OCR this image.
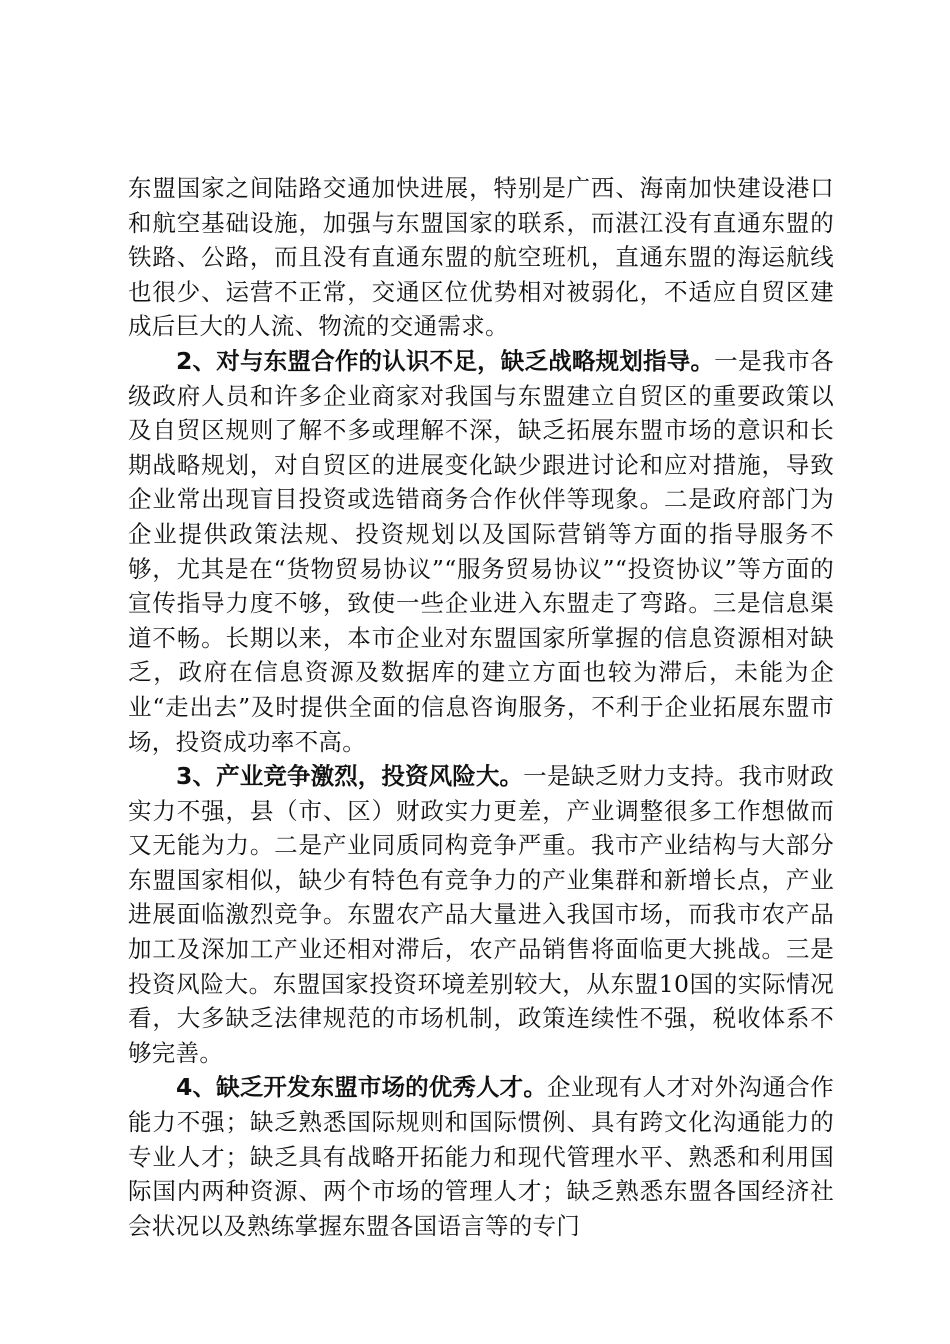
东盟国家之间陆路交通加快进展，特别是广西、海南加快建设港口和航空基础设施，加强与东盟国家的联系，而湛江没有直通东盟的铁路、公路，而且没有直通东盟的航空班机，直通东盟的海运航线也很少、运营不正常，交通区位优势相对被弱化，不适应自贸区建成后巨大的人流、物流的交通需求。

2、对与东盟合作的认识不足，缺乏战略规划指导。一是我市各级政府人员和许多企业商家对我国与东盟建立自贸区的重要政策以及自贸区规则了解不多或理解不深，缺乏拓展东盟市场的意识和长期战略规划，对自贸区的进展变化缺少跟进讨论和应对措施，导致企业常出现盲目投资或选错商务合作伙伴等现象。二是政府部门为企业提供政策法规、投资规划以及国际营销等方面的指导服务不够，尤其是在“货物贸易协议”“服务贸易协议”“投资协议”等方面的宣传指导力度不够，致使一些企业进入东盟走了弯路。三是信息渠道不畅。长期以来，本市企业对东盟国家所掌握的信息资源相对缺乏，政府在信息资源及数据库的建立方面也较为滞后，未能为企业“走出去”及时提供全面的信息咨询服务，不利于企业拓展东盟市场，投资成功率不高。

3、产业竞争激烈，投资风险大。一是缺乏财力支持。我市财政实力不强，县（市、区）财政实力更差，产业调整很多工作想做而又无能为力。二是产业同质同构竞争严重。我市产业结构与大部分东盟国家相似，缺少有特色有竞争力的产业集群和新增长点，产业进展面临激烈竞争。东盟农产品大量进入我国市场，而我市农产品加工及深加工产业还相对滞后，农产品销售将面临更大挑战。三是投资风险大。东盟国家投资环境差别较大，从东盟10国的实际情况看，大多缺乏法律规范的市场机制，政策连续性不强，税收体系不够完善。

4、缺乏开发东盟市场的优秀人才。企业现有人才对外沟通合作能力不强；缺乏熟悉国际规则和国际惯例、具有跨文化沟通能力的专业人才；缺乏具有战略开拓能力和现代管理水平、熟悉和利用国际国内两种资源、两个市场的管理人才；缺乏熟悉东盟各国经济社会状况以及熟练掌握东盟各国语言等的专门
